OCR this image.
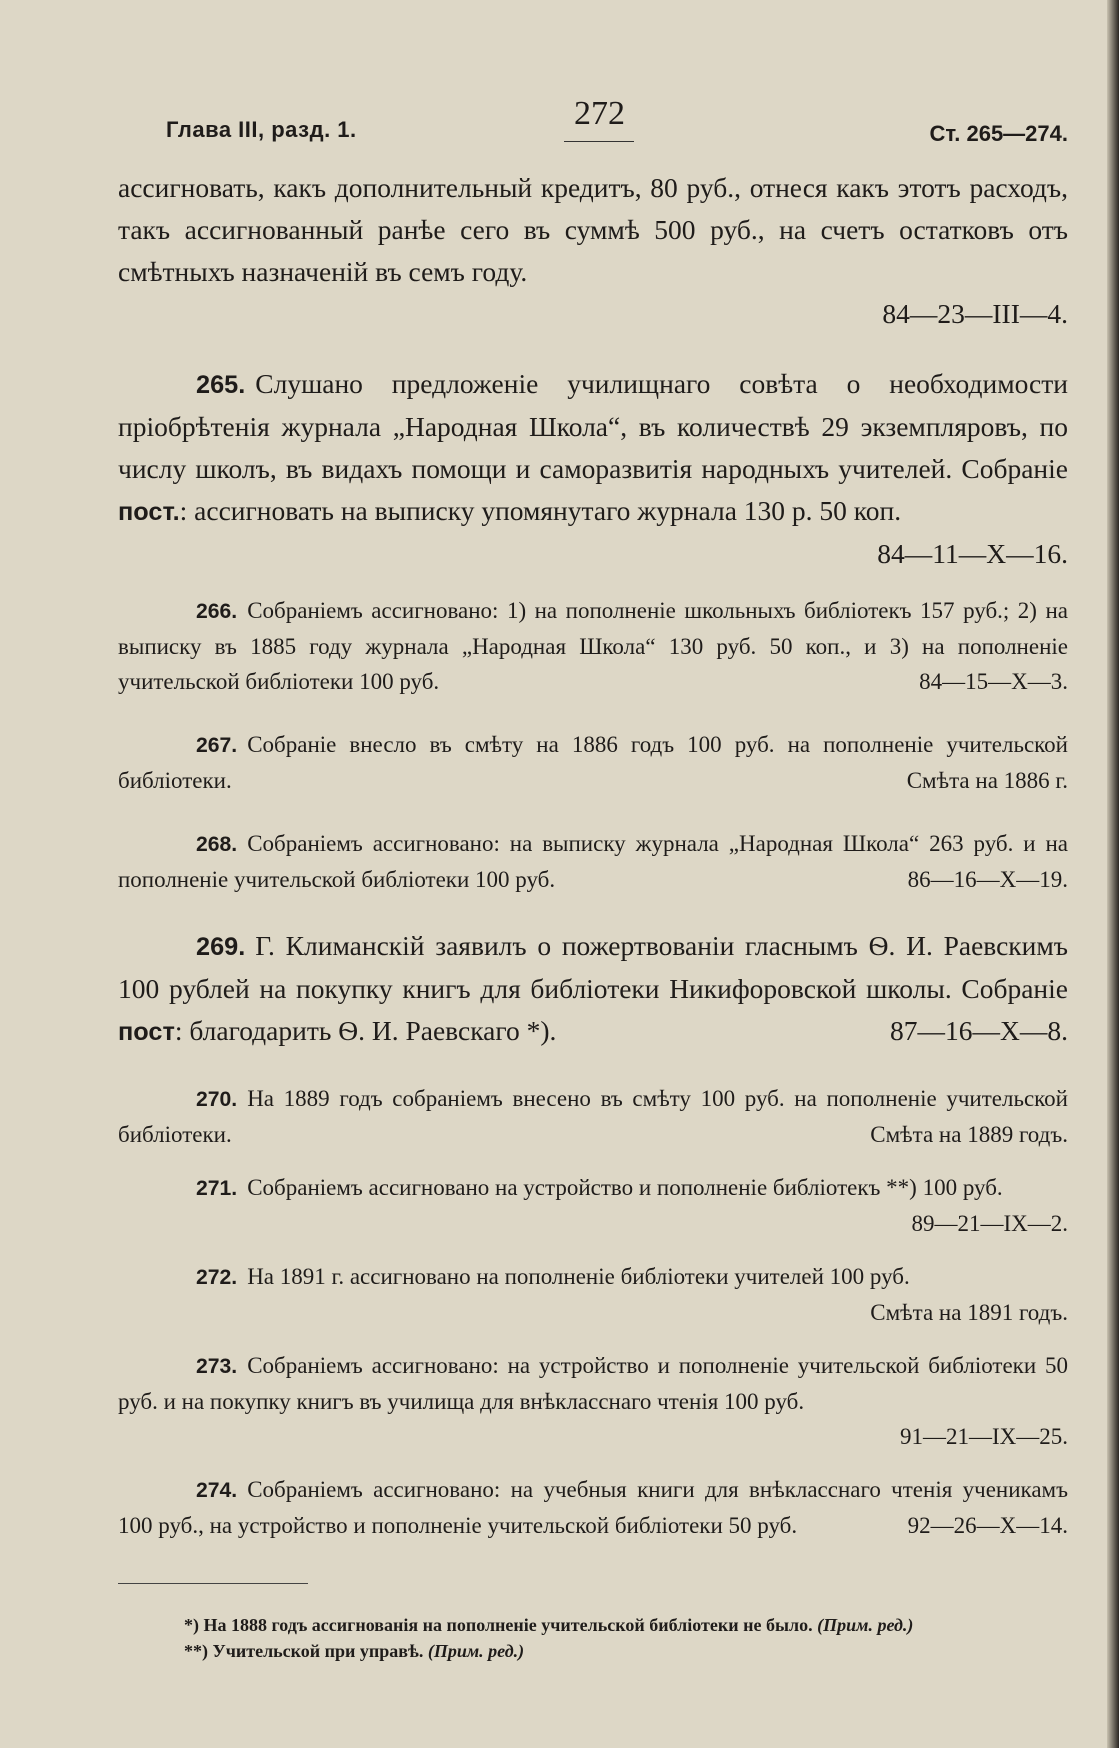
Глава III, разд. 1.	272
Ст. 265—274.

ассигновать, какъ дополнительный кредитъ, 80 руб., отнеся какъ этотъ расходъ, такъ ассигнованный ранѣе сего въ суммѣ 500 руб., на счетъ остатковъ отъ смѣтныхъ назначеній въ семъ году.

84—23—III—4.

265. Слушано предложеніе училищнаго совѣта о необходимости пріобрѣтенія журнала „Народная Школа“, въ количествѣ 29 экземпляровъ, по числу школъ, въ видахъ помощи и саморазвитія народныхъ учителей. Собраніе пост.: ассигновать на выписку упомянутаго журнала 130 р. 50 коп.

84—11—X—16.

266. Собраніемъ ассигновано: 1) на пополненіе школьныхъ библіотекъ 157 руб.; 2) на выписку въ 1885 году журнала „Народная Школа“ 130 руб. 50 коп., и 3) на пополненіе учительской библіотеки 100 руб.	84—15—X—3.

267. Собраніе внесло въ смѣту на 1886 годъ 100 руб. на пополненіе учительской библіотеки.	Смѣта на 1886 г.

268. Собраніемъ ассигновано: на выписку журнала „Народная Школа“ 263 руб. и на пополненіе учительской библіотеки 100 руб.	86—16—X—19.

269. Г. Климанскій заявилъ о пожертвованіи гласнымъ Ѳ. И. Раевскимъ 100 рублей на покупку книгъ для библіотеки Никифоровской школы. Собраніе пост: благодарить Ѳ. И. Раевскаго *).	87—16—X—8.

270. На 1889 годъ собраніемъ внесено въ смѣту 100 руб. на пополненіе учительской библіотеки.	Смѣта на 1889 годъ.

271. Собраніемъ ассигновано на устройство и пополненіе библіотекъ **) 100 руб.

89—21—IX—2.

272. На 1891 г. ассигновано на пополненіе библіотеки учителей 100 руб.

Смѣта на 1891 годъ.

273. Собраніемъ ассигновано: на устройство и пополненіе учительской библіотеки 50 руб. и на покупку книгъ въ училища для внѣкласснаго чтенія 100 руб.

91—21—IX—25.

274. Собраніемъ ассигновано: на учебныя книги для внѣкласснаго чтенія ученикамъ 100 руб., на устройство и пополненіе учительской библіотеки 50 руб.	92—26—X—14.

*) На 1888 годъ ассигнованія на пополненіе учительской библіотеки не было. (Прим. ред.)
**) Учительской при управѣ. (Прим. ред.)
